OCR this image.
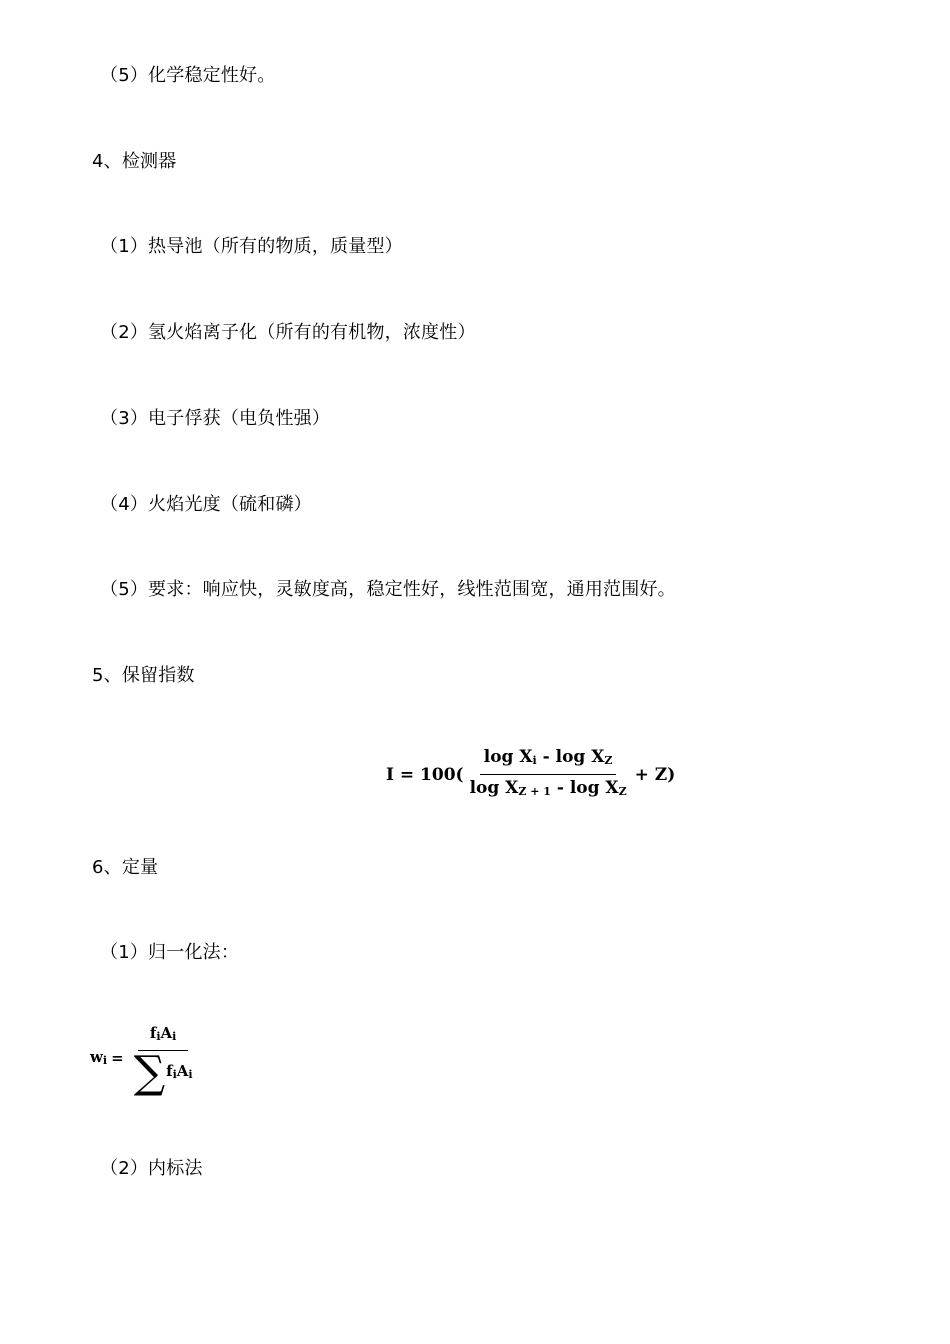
（5）化学稳定性好。
4、检测器
（1）热导池（所有的物质，质量型）
（2）氢火焰离子化（所有的有机物，浓度性）
（3）电子俘获（电负性强）
（4）火焰光度（硫和磷）
（5）要求：响应快，灵敏度高，稳定性好，线性范围宽，通用范围好。
5、保留指数
$I = 100( \frac{\text{log Xi - log XZ}}{\text{log XZ + 1 - log XZ}} + Z)$
6、定量
（1）归一化法：
wi = $\frac{\text{fiAi}}{\text{∑ fiAi}}$
（2）内标法
